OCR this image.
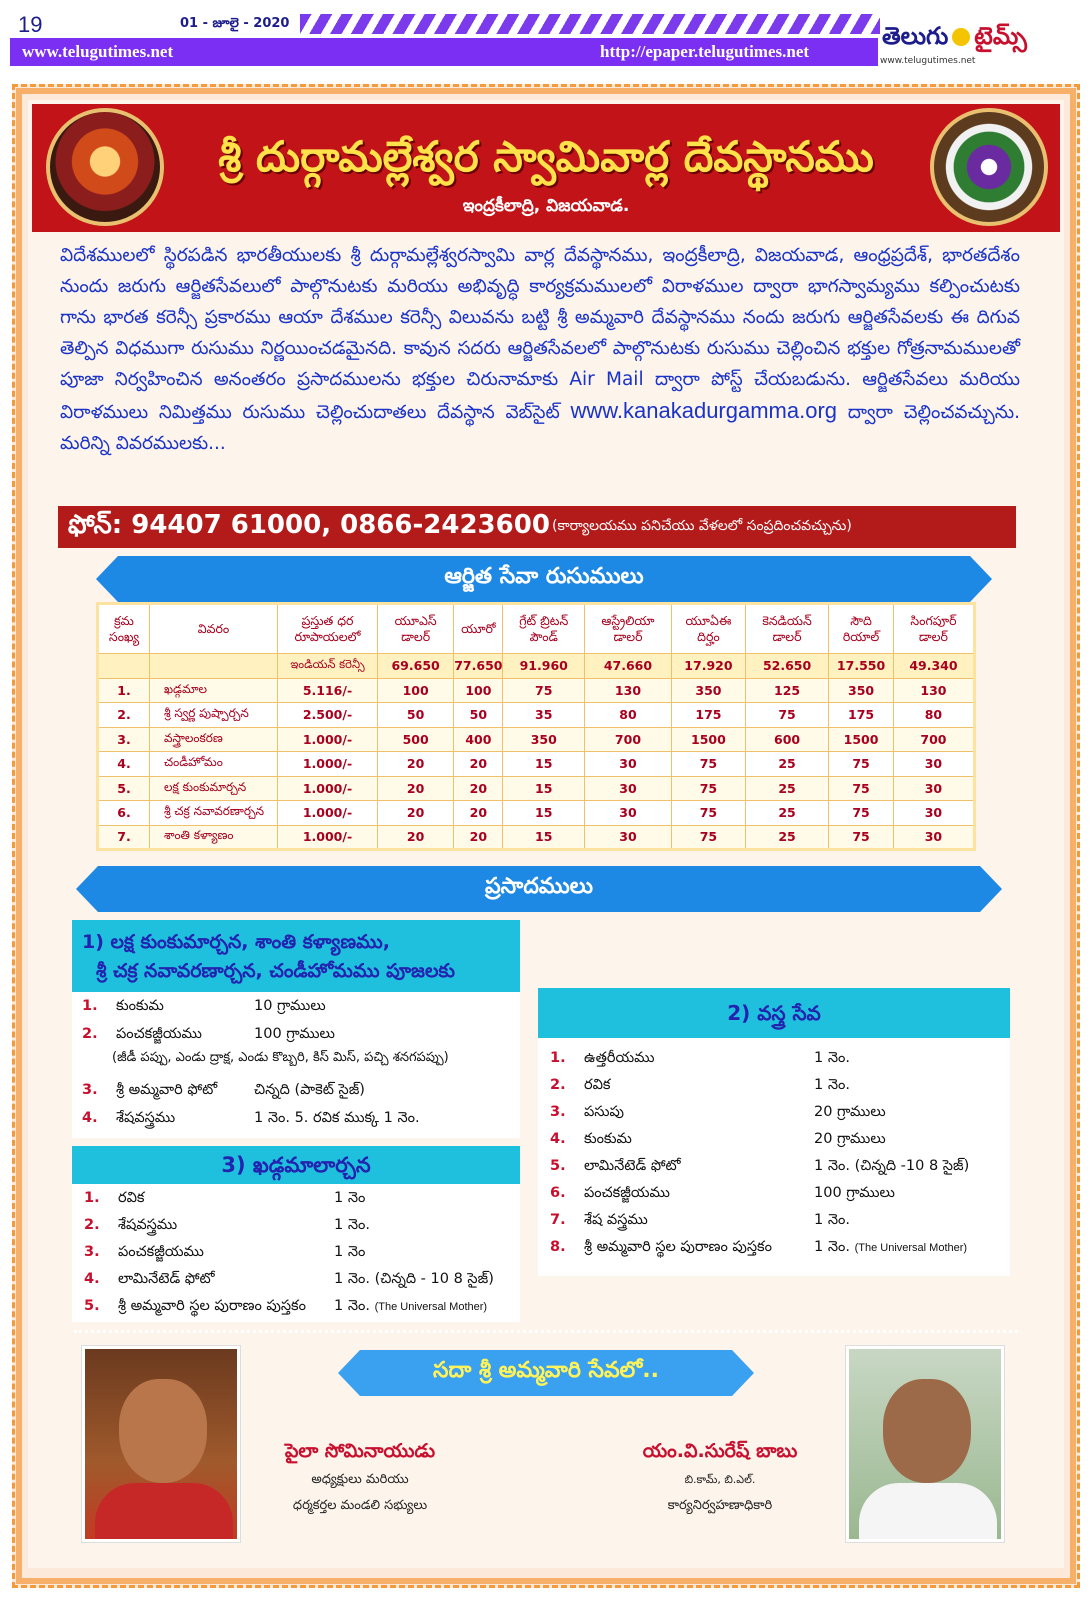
19	01 - జూలై - 2020
www.telugutimes.net	http://epaper.telugutimes.net
తెలుగు టైమ్స్
www.telugutimes.net
శ్రీ దుర్గామల్లేశ్వర స్వామివార్ల దేవస్థానము
ఇంద్రకీలాద్రి, విజయవాడ.
విదేశములలో స్థిరపడిన భారతీయులకు శ్రీ దుర్గామల్లేశ్వరస్వామి వార్ల దేవస్థానము, ఇంద్రకీలాద్రి, విజయవాడ, ఆంధ్రప్రదేశ్, భారతదేశం నుందు జరుగు ఆర్జితసేవలులో పాల్గొనుటకు మరియు అభివృద్ధి కార్యక్రమములలో విరాళముల ద్వారా భాగస్వామ్యము కల్పించుటకు గాను భారత కరెన్సీ ప్రకారము ఆయా దేశముల కరెన్సీ విలువను బట్టి శ్రీ అమ్మవారి దేవస్థానము నందు జరుగు ఆర్జితసేవలకు ఈ దిగువ తెల్పిన విధముగా రుసుము నిర్ణయించడమైనది. కావున సదరు ఆర్జితసేవలలో పాల్గొనుటకు రుసుము చెల్లించిన భక్తుల గోత్రనామములతో పూజా నిర్వహించిన అనంతరం ప్రసాదములను భక్తుల చిరునామాకు Air Mail ద్వారా పోస్ట్ చేయబడును. ఆర్జితసేవలు మరియు విరాళములు నిమిత్తము రుసుము చెల్లించుదాతలు దేవస్థాన వెబ్‌సైట్ www.kanakadurgamma.org ద్వారా చెల్లించవచ్చును. మరిన్ని వివరములకు...
ఫోన్: 94407 61000, 0866-2423600 (కార్యాలయము పనిచేయు వేళలలో సంప్రదించవచ్చును)
ఆర్జిత సేవా రుసుములు
క్రమ సంఖ్య	వివరం	ప్రస్తుత ధర రూపాయలలో	యూఎస్ డాలర్	యూరో	గ్రేట్ బ్రిటన్ పౌండ్	ఆస్ట్రేలియా డాలర్	యూఏఈ దిర్హం	కెనడియన్ డాలర్	సౌది రియాల్	సింగపూర్ డాలర్
		ఇండియన్ కరెన్సీ	69.650	77.650	91.960	47.660	17.920	52.650	17.550	49.340
1.	ఖడ్గమాల	5.116/-	100	100	75	130	350	125	350	130
2.	శ్రీ స్వర్ణ పుష్పార్చన	2.500/-	50	50	35	80	175	75	175	80
3.	వస్త్రాలంకరణ	1.000/-	500	400	350	700	1500	600	1500	700
4.	చండీహోమం	1.000/-	20	20	15	30	75	25	75	30
5.	లక్ష కుంకుమార్చన	1.000/-	20	20	15	30	75	25	75	30
6.	శ్రీ చక్ర నవావరణార్చన	1.000/-	20	20	15	30	75	25	75	30
7.	శాంతి కళ్యాణం	1.000/-	20	20	15	30	75	25	75	30
ప్రసాదములు
1) లక్ష కుంకుమార్చన, శాంతి కళ్యాణము,
శ్రీ చక్ర నవావరణార్చన, చండీహోమము పూజలకు
1. కుంకుమ	10 గ్రాములు
2. పంచకజ్జీయము	100 గ్రాములు
(జీడీ పప్పు, ఎండు ద్రాక్ష, ఎండు కొబ్బరి, కిస్ మిస్, పచ్చి శనగపప్పు)
3. శ్రీ అమ్మవారి ఫోటో	చిన్నది (పాకెట్ సైజ్)
4. శేషవస్త్రము	1 నెం. 5. రవిక ముక్క 1 నెం.
2) వస్త్ర సేవ
1. ఉత్తరీయము	1 నెం.
2. రవిక	1 నెం.
3. పసుపు	20 గ్రాములు
4. కుంకుమ	20 గ్రాములు
5. లామినేటెడ్ ఫోటో	1 నెం. (చిన్నది -10 8 సైజ్)
6. పంచకజ్జీయము	100 గ్రాములు
7. శేష వస్త్రము	1 నెం.
8. శ్రీ అమ్మవారి స్థల పురాణం పుస్తకం	1 నెం. (The Universal Mother)
3) ఖడ్గమాలార్చన
1. రవిక	1 నెం
2. శేషవస్త్రము	1 నెం.
3. పంచకజ్జీయము	1 నెం
4. లామినేటెడ్ ఫోటో	1 నెం. (చిన్నది - 10 8 సైజ్)
5. శ్రీ అమ్మవారి స్థల పురాణం పుస్తకం 1 నెం. (The Universal Mother)
సదా శ్రీ అమ్మవారి సేవలో..
పైలా సోమినాయుడు
అధ్యక్షులు మరియు
ధర్మకర్తల మండలి సభ్యులు
యం.వి.సురేష్ బాబు
బి.కామ్, బి.ఎల్.
కార్యనిర్వహణాధికారి
